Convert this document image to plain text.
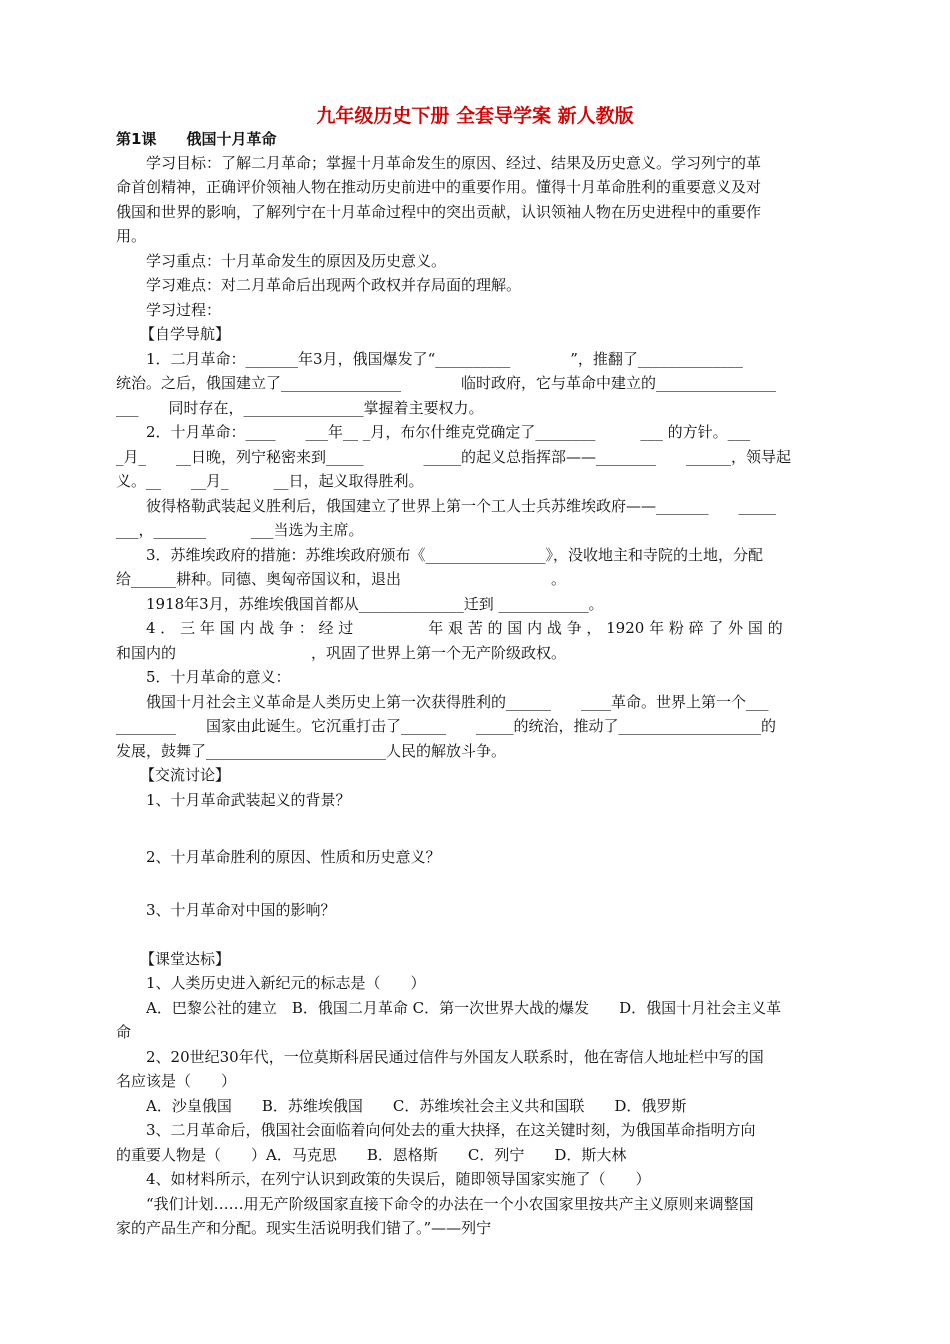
九年级历史下册 全套导学案 新人教版
第1课　　俄国十月革命
学习目标：了解二月革命；掌握十月革命发生的原因、经过、结果及历史意义。学习列宁的革
命首创精神，正确评价领袖人物在推动历史前进中的重要作用。懂得十月革命胜利的重要意义及对
俄国和世界的影响，了解列宁在十月革命过程中的突出贡献，认识领袖人物在历史进程中的重要作
用。
学习重点：十月革命发生的原因及历史意义。
学习难点：对二月革命后出现两个政权并存局面的理解。
学习过程：
【自学导航】
1．二月革命：_______年3月，俄国爆发了“__________　　　　”，推翻了______________
统治。之后，俄国建立了________________　　　　临时政府，它与革命中建立的________________
___　　同时存在，________________掌握着主要权力。
2．十月革命：____　　___年__ _月，布尔什维克党确定了________　　　___ 的方针。___
_月_　　__日晚，列宁秘密来到_____　　　　_____的起义总指挥部——________　　______，领导起
义。__　　__月_　　　__日，起义取得胜利。
彼得格勒武装起义胜利后，俄国建立了世界上第一个工人士兵苏维埃政府——_______　　_____
___，_______　　　___当选为主席。
3．苏维埃政府的措施：苏维埃政府颁布《________________》，没收地主和寺院的土地，分配
给______耕种。同德、奥匈帝国议和，退出　　　　　　　　　　。
1918年3月，苏维埃俄国首都从______________迁到 ____________。
4 ． 三 年 国 内 战 争 ： 经 过　　　　　年 艰 苦 的 国 内 战 争 ， 1920 年 粉 碎 了 外 国 的
和国内的　　　　　　　　　，巩固了世界上第一个无产阶级政权。
5．十月革命的意义：
俄国十月社会主义革命是人类历史上第一次获得胜利的______　　____革命。世界上第一个___
________　　国家由此诞生。它沉重打击了______　　_____的统治，推动了___________________的
发展，鼓舞了________________________人民的解放斗争。
【交流讨论】
1、十月革命武装起义的背景？
2、十月革命胜利的原因、性质和历史意义？
3、十月革命对中国的影响？
【课堂达标】
1、人类历史进入新纪元的标志是（　　）
A．巴黎公社的建立　B．俄国二月革命 C．第一次世界大战的爆发　　D．俄国十月社会主义革
命
2、20世纪30年代，一位莫斯科居民通过信件与外国友人联系时，他在寄信人地址栏中写的国
名应该是（　　）
A．沙皇俄国　　B．苏维埃俄国　　C．苏维埃社会主义共和国联　　D．俄罗斯
3、二月革命后，俄国社会面临着向何处去的重大抉择，在这关键时刻，为俄国革命指明方向
的重要人物是（　　）A．马克思　　B．恩格斯　　C．列宁　　D．斯大林
4、如材料所示，在列宁认识到政策的失误后，随即领导国家实施了（　　）
“我们计划……用无产阶级国家直接下命令的办法在一个小农国家里按共产主义原则来调整国
家的产品生产和分配。现实生活说明我们错了。”——列宁
